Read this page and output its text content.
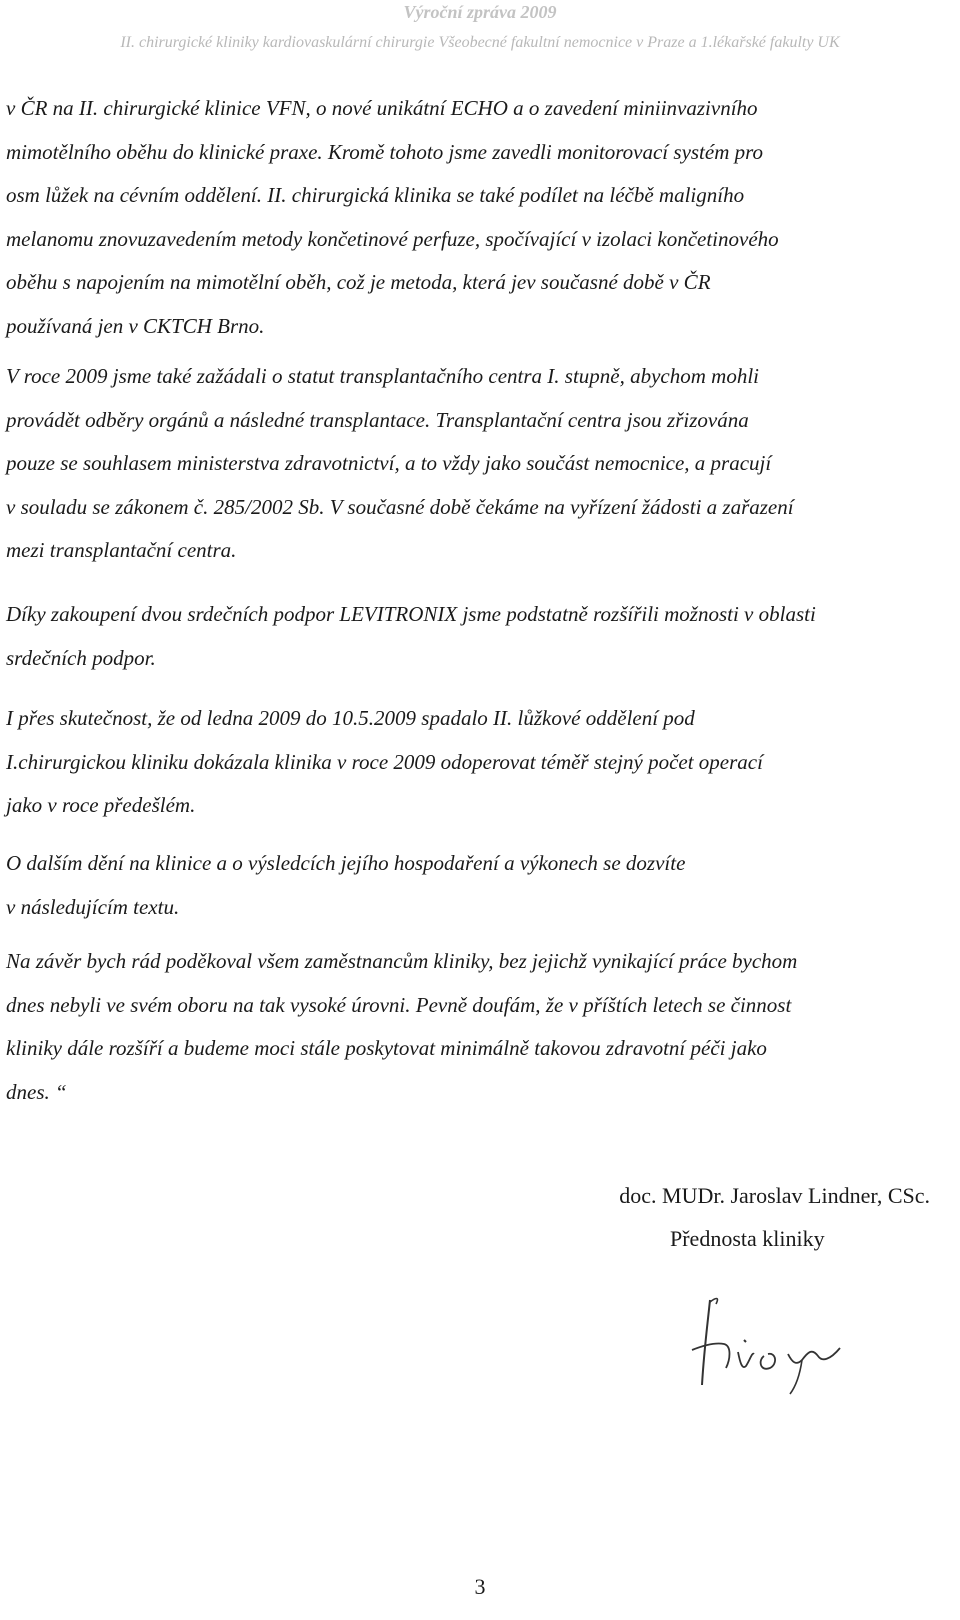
Výroční zpráva 2009
II. chirurgické kliniky kardiovaskulární chirurgie Všeobecné fakultní nemocnice v Praze a 1.lékařské fakulty UK
v ČR na II. chirurgické klinice VFN, o nové unikátní ECHO a o zavedení miniinvazivního
mimotělního oběhu do klinické praxe. Kromě tohoto jsme zavedli monitorovací systém pro
osm lůžek na cévním oddělení. II. chirurgická klinika se také podílet na léčbě maligního
melanomu znovuzavedením metody končetinové perfuze, spočívající v izolaci končetinového
oběhu s napojením na mimotělní oběh, což je metoda, která jev současné době v ČR
používaná jen v CKTCH Brno.
V roce 2009 jsme také zažádali o statut transplantačního centra I. stupně, abychom mohli
provádět odběry orgánů a následné transplantace. Transplantační centra jsou zřizována
pouze se souhlasem ministerstva zdravotnictví, a to vždy jako součást nemocnice, a pracují
v souladu se zákonem č. 285/2002 Sb. V současné době čekáme na vyřízení žádosti a zařazení
mezi transplantační centra.
Díky zakoupení dvou srdečních podpor LEVITRONIX jsme podstatně rozšířili možnosti v oblasti
srdečních podpor.
I přes skutečnost, že od ledna 2009 do 10.5.2009 spadalo II. lůžkové oddělení pod
I.chirurgickou kliniku dokázala klinika v roce 2009 odoperovat téměř stejný počet operací
jako v roce předešlém.
O dalším dění na klinice a o výsledcích jejího hospodaření a výkonech se dozvíte
v následujícím textu.
Na závěr bych rád poděkoval všem zaměstnancům kliniky, bez jejichž vynikající práce bychom
dnes nebyli ve svém oboru na tak vysoké úrovni. Pevně doufám, že v příštích letech se činnost
kliniky dále rozšíří a budeme moci stále poskytovat minimálně takovou zdravotní péči jako
dnes. “
doc. MUDr. Jaroslav Lindner, CSc.
Přednosta kliniky
3
